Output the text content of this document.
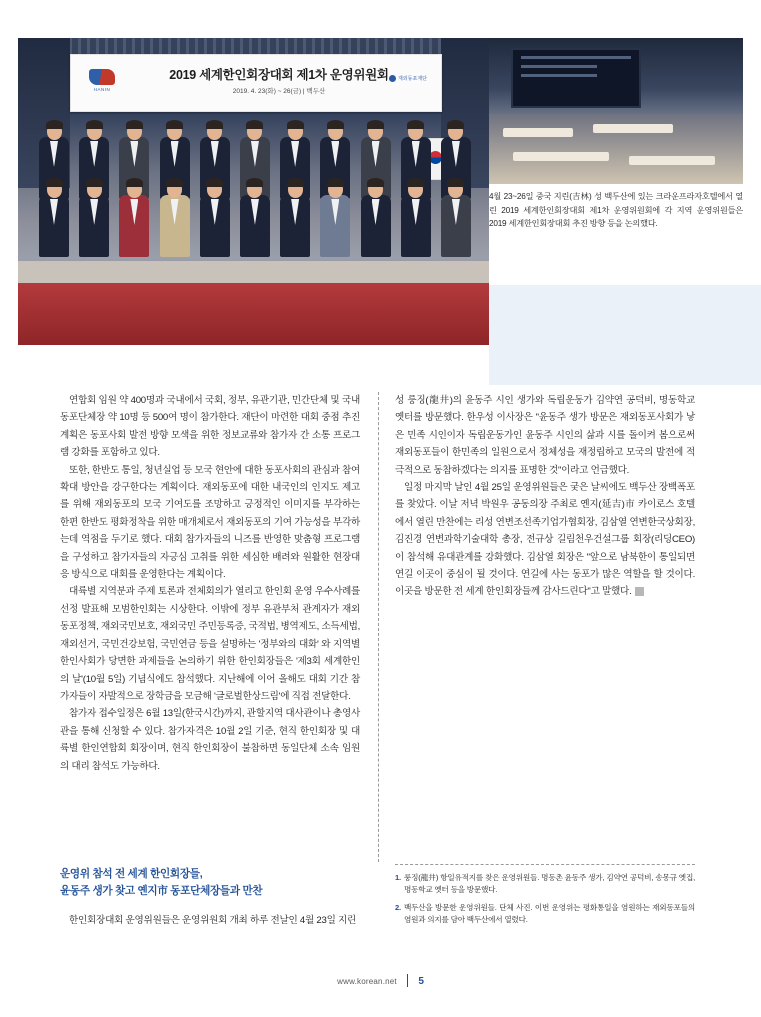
HANIN
2019 세계한인회장대회 제1차 운영위원회
2019. 4. 23(화) ~ 26(금) | 백두산
재외동포재단
4월 23~26일 중국 지린(吉林) 성 백두산에 있는 크라운프라자호텔에서 열린 2019 세계한인회장대회 제1차 운영위원회에 각 지역 운영위원들은 2019 세계한인회장대회 추진 방향 등을 논의했다.

연합회 임원 약 400명과 국내에서 국회, 정부, 유관기관, 민간단체 및 국내 동포단체장 약 10명 등 500여 명이 참가한다. 재단이 마련한 대회 중점 추진 계획은 동포사회 발전 방향 모색을 위한 정보교류와 참가자 간 소통 프로그램 강화를 포함하고 있다.

또한, 한반도 통일, 청년실업 등 모국 현안에 대한 동포사회의 관심과 참여 확대 방안을 강구한다는 계획이다. 재외동포에 대한 내국인의 인지도 제고를 위해 재외동포의 모국 기여도를 조망하고 긍정적인 이미지를 부각하는 한편 한반도 평화정착을 위한 매개체로서 재외동포의 기여 가능성을 부각하는데 역점을 두기로 했다. 대회 참가자들의 니즈를 반영한 맞춤형 프로그램을 구성하고 참가자들의 자긍심 고취를 위한 세심한 배려와 원활한 현장대응 방식으로 대회를 운영한다는 계획이다.

대륙별 지역분과 주제 토론과 전체회의가 열리고 한인회 운영 우수사례를 선정 발표해 모범한인회는 시상한다. 이밖에 정부 유관부처 관계자가 재외동포정책, 재외국민보호, 재외국민 주민등록증, 국적법, 병역제도, 소득세법, 재외선거, 국민건강보험, 국민연금 등을 설명하는 '정부와의 대화' 와 지역별 한인사회가 당면한 과제들을 논의하기 위한 한인회장들은 '제3회 세계한인의 날'(10월 5일) 기념식에도 참석했다. 지난해에 이어 올해도 대회 기간 참가자들이 자발적으로 장학금을 모금해 '글로벌한상드림'에 직접 전달한다.

참가자 접수일정은 6월 13일(한국시간)까지, 관할지역 대사관이나 총영사관을 통해 신청할 수 있다. 참가자격은 10월 2일 기준, 현직 한인회장 및 대륙별 한인연합회 회장이며, 현직 한인회장이 불참하면 동일단체 소속 임원의 대리 참석도 가능하다.

성 룽징(龍井)의 윤동주 시인 생가와 독립운동가 김약연 공덕비, 명동학교 옛터를 방문했다. 한우성 이사장은 "윤동주 생가 방문은 재외동포사회가 낳은 민족 시인이자 독립운동가인 윤동주 시인의 삶과 시를 돌이켜 봄으로써 재외동포들이 한민족의 일원으로서 정체성을 재정립하고 모국의 발전에 적극적으로 동참하겠다는 의지를 표명한 것"이라고 언급했다.

일정 마지막 날인 4월 25일 운영위원들은 궂은 날씨에도 백두산 장백폭포를 찾았다. 이날 저녁 박원우 공동의장 주최로 옌지(延吉)市 카이로스 호텔에서 열린 만찬에는 리성 연변조선족기업가협회장, 김삼열 연변한국상회장, 김진경 연변과학기술대학 총장, 전규상 길림천우건설그룹 회장(리딩CEO)이 참석해 유대관계를 강화했다. 김삼열 회장은 "앞으로 남북한이 통일되면 연길 이곳이 중심이 될 것이다. 연길에 사는 동포가 많은 역할을 할 것이다. 이곳을 방문한 전 세계 한인회장들께 감사드린다"고 말했다. ?

운영위 참석 전 세계 한인회장들,
윤동주 생가 찾고 옌지市 동포단체장들과 만찬
한인회장대회 운영위원들은 운영위원회 개최 하루 전날인 4월 23일 지린
1. 룽징(龍井) 항일유적지를 찾은 운영위원들. 명동촌 윤동주 생가, 김약연 공덕비, 송몽규 옛집, 명동학교 옛터 등을 방문했다.
2. 백두산을 방문한 운영위원들. 단체 사진. 이번 운영위는 평화통일을 염원하는 재외동포들의 염원과 의지를 담아 백두산에서 열렸다.
www.korean.net 5
